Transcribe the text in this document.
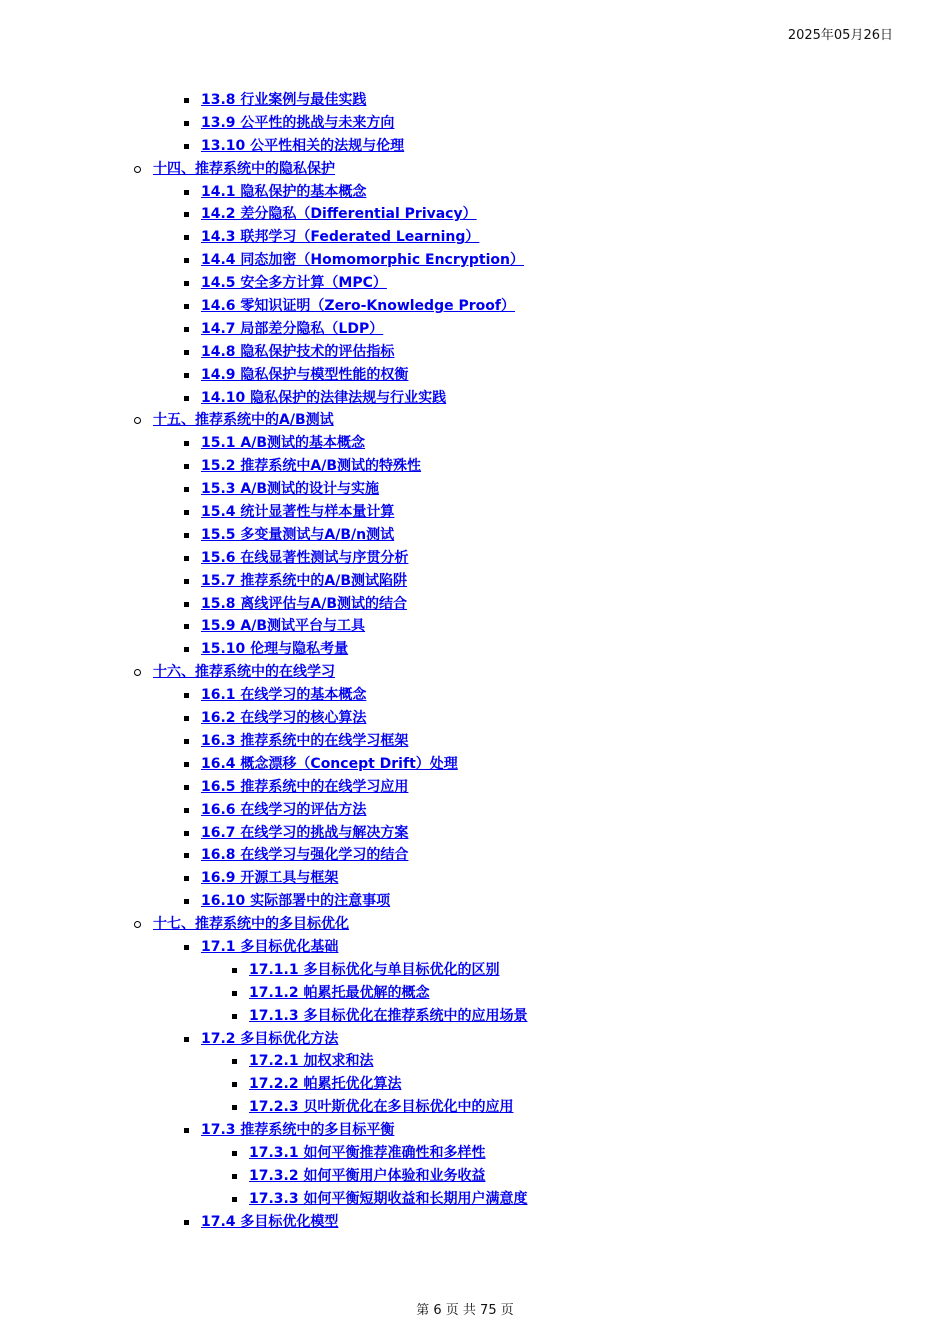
2025年05月26日
13.8 行业案例与最佳实践
13.9 公平性的挑战与未来方向
13.10 公平性相关的法规与伦理
十四、推荐系统中的隐私保护
14.1 隐私保护的基本概念
14.2 差分隐私（Differential Privacy）
14.3 联邦学习（Federated Learning）
14.4 同态加密（Homomorphic Encryption）
14.5 安全多方计算（MPC）
14.6 零知识证明（Zero-Knowledge Proof）
14.7 局部差分隐私（LDP）
14.8 隐私保护技术的评估指标
14.9 隐私保护与模型性能的权衡
14.10 隐私保护的法律法规与行业实践
十五、推荐系统中的A/B测试
15.1 A/B测试的基本概念
15.2 推荐系统中A/B测试的特殊性
15.3 A/B测试的设计与实施
15.4 统计显著性与样本量计算
15.5 多变量测试与A/B/n测试
15.6 在线显著性测试与序贯分析
15.7 推荐系统中的A/B测试陷阱
15.8 离线评估与A/B测试的结合
15.9 A/B测试平台与工具
15.10 伦理与隐私考量
十六、推荐系统中的在线学习
16.1 在线学习的基本概念
16.2 在线学习的核心算法
16.3 推荐系统中的在线学习框架
16.4 概念漂移（Concept Drift）处理
16.5 推荐系统中的在线学习应用
16.6 在线学习的评估方法
16.7 在线学习的挑战与解决方案
16.8 在线学习与强化学习的结合
16.9 开源工具与框架
16.10 实际部署中的注意事项
十七、推荐系统中的多目标优化
17.1 多目标优化基础
17.1.1 多目标优化与单目标优化的区别
17.1.2 帕累托最优解的概念
17.1.3 多目标优化在推荐系统中的应用场景
17.2 多目标优化方法
17.2.1 加权求和法
17.2.2 帕累托优化算法
17.2.3 贝叶斯优化在多目标优化中的应用
17.3 推荐系统中的多目标平衡
17.3.1 如何平衡推荐准确性和多样性
17.3.2 如何平衡用户体验和业务收益
17.3.3 如何平衡短期收益和长期用户满意度
17.4 多目标优化模型
第 6 页 共 75 页
